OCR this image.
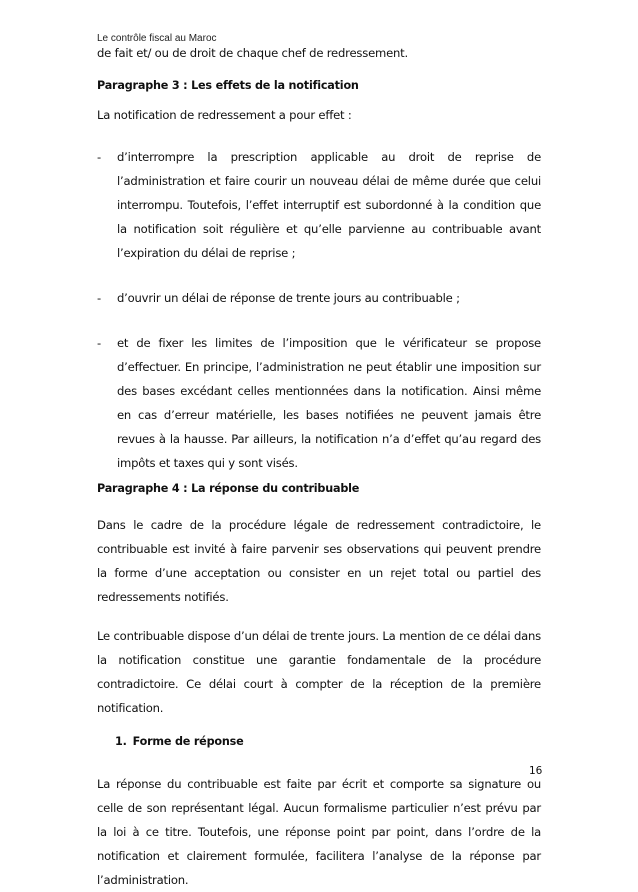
Le contrôle fiscal au Maroc

de fait et/ ou de droit de chaque chef de redressement.

Paragraphe 3 : Les effets de la notification

La notification de redressement a pour effet :

- d’interrompre la prescription applicable au droit de reprise de l’administration et faire courir un nouveau délai de même durée que celui interrompu. Toutefois, l’effet interruptif est subordonné à la condition que la notification soit régulière et qu’elle parvienne au contribuable avant l’expiration du délai de reprise ;

- d’ouvrir un délai de réponse de trente jours au contribuable ;

- et de fixer les limites de l’imposition que le vérificateur se propose d’effectuer. En principe, l’administration ne peut établir une imposition sur des bases excédant celles mentionnées dans la notification. Ainsi même en cas d’erreur matérielle, les bases notifiées ne peuvent jamais être revues à la hausse. Par ailleurs, la notification n’a d’effet qu’au regard des impôts et taxes qui y sont visés.

Paragraphe 4 : La réponse du contribuable

Dans le cadre de la procédure légale de redressement contradictoire, le contribuable est invité à faire parvenir ses observations qui peuvent prendre la forme d’une acceptation ou consister en un rejet total ou partiel des redressements notifiés.

Le contribuable dispose d’un délai de trente jours. La mention de ce délai dans la notification constitue une garantie fondamentale de la procédure contradictoire. Ce délai court à compter de la réception de la première notification.

1. Forme de réponse

La réponse du contribuable est faite par écrit et comporte sa signature ou celle de son représentant légal. Aucun formalisme particulier n’est prévu par la loi à ce titre. Toutefois, une réponse point par point, dans l’ordre de la notification et clairement formulée, facilitera l’analyse de la réponse par l’administration.

16
